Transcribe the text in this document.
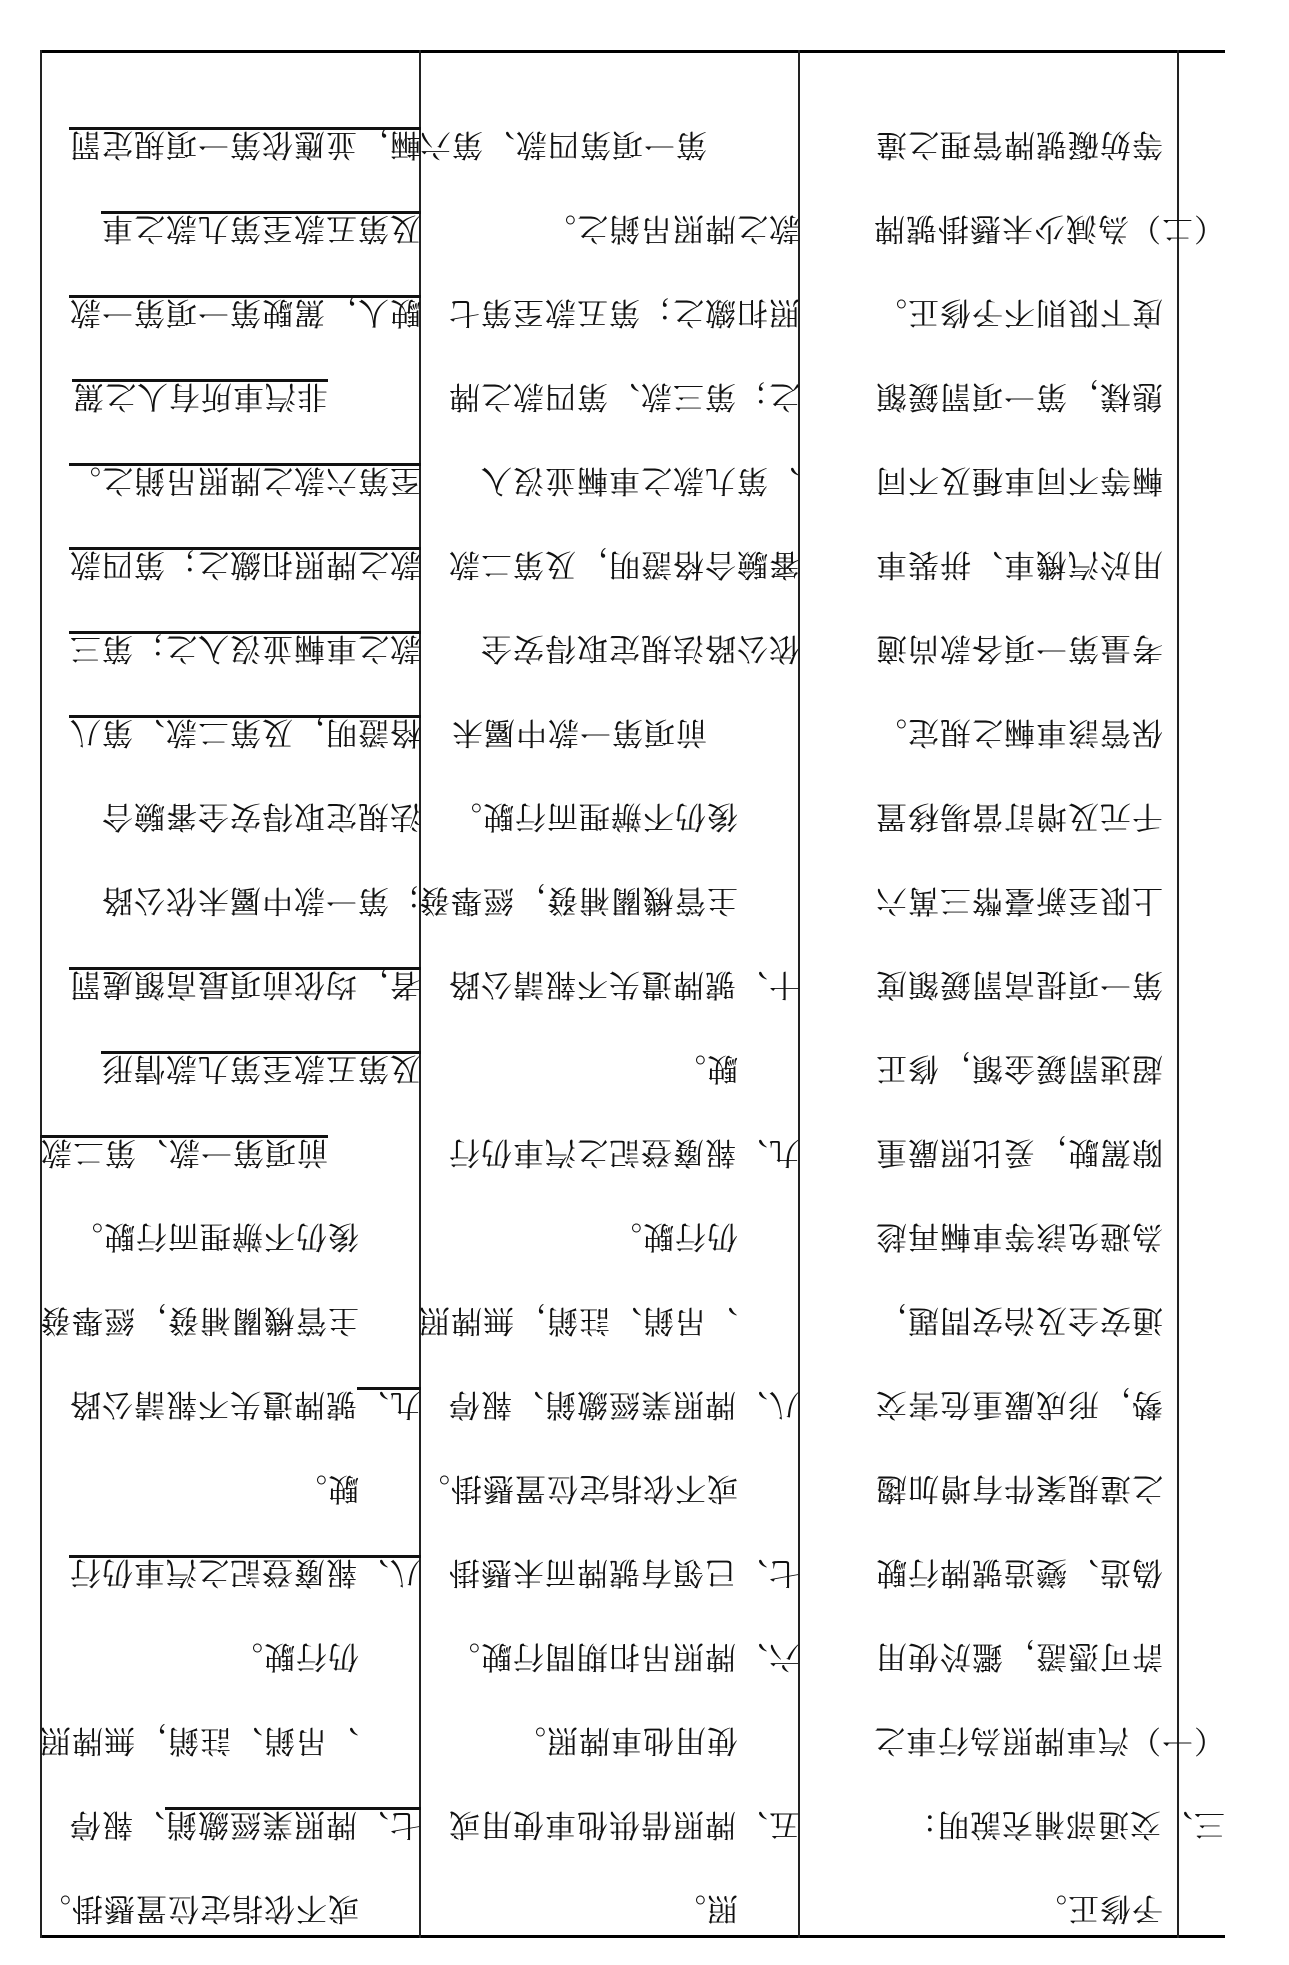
或不依指定位置懸掛。
七、牌照業經繳銷、報停
、吊銷、註銷，無牌照
仍行駛。
八、報廢登記之汽車仍行
駛。
九、號牌遺失不報請公路
主管機關補發，經舉發
後仍不辦理而行駛。
前項第一款、第二款
及第五款至第九款情形
者，均依前項最高額處罰
；第一款中屬未依公路
法規定取得安全審驗合
格證明，及第二款、第八
款之車輛並沒入之；第三
款之牌照扣繳之；第四款
至第六款之牌照吊銷之。
非汽車所有人之駕
駛人，駕駛第一項第一款
及第五款至第九款之車
輛，並應依第一項規定罰
照。
五、牌照借供他車使用或
使用他車牌照。
六、牌照吊扣期間行駛。
七、已領有號牌而未懸掛
或不依指定位置懸掛。
八、牌照業經繳銷、報停
、吊銷、註銷，無牌照
仍行駛。
九、報廢登記之汽車仍行
駛。
十、號牌遺失不報請公路
主管機關補發，經舉發
後仍不辦理而行駛。
前項第一款中屬未
依公路法規定取得安全
審驗合格證明，及第二款
、第九款之車輛並沒入
之；第三款、第四款之牌
照扣繳之；第五款至第七
款之牌照吊銷之。
第一項第四款、第六
予修正。
三、交通部補充說明：
（一）汽車牌照為行車之
許可憑證，鑑於使用
偽造、變造號牌行駛
之違規案件有增加趨
勢，形成嚴重危害交
通安全及治安問題，
為避免該等車輛再趁
隙駕駛，爰比照嚴重
超速罰鍰金額，修正
第一項提高罰鍰額度
上限至新臺幣三萬六
千元及增訂當場移置
保管該車輛之規定。
考量第一項各款尚適
用於汽機車、拼裝車
輛等不同車種及不同
態樣，第一項罰鍰額
度下限則不予修正。
（二）為減少未懸掛號牌
等妨礙號牌管理之違
